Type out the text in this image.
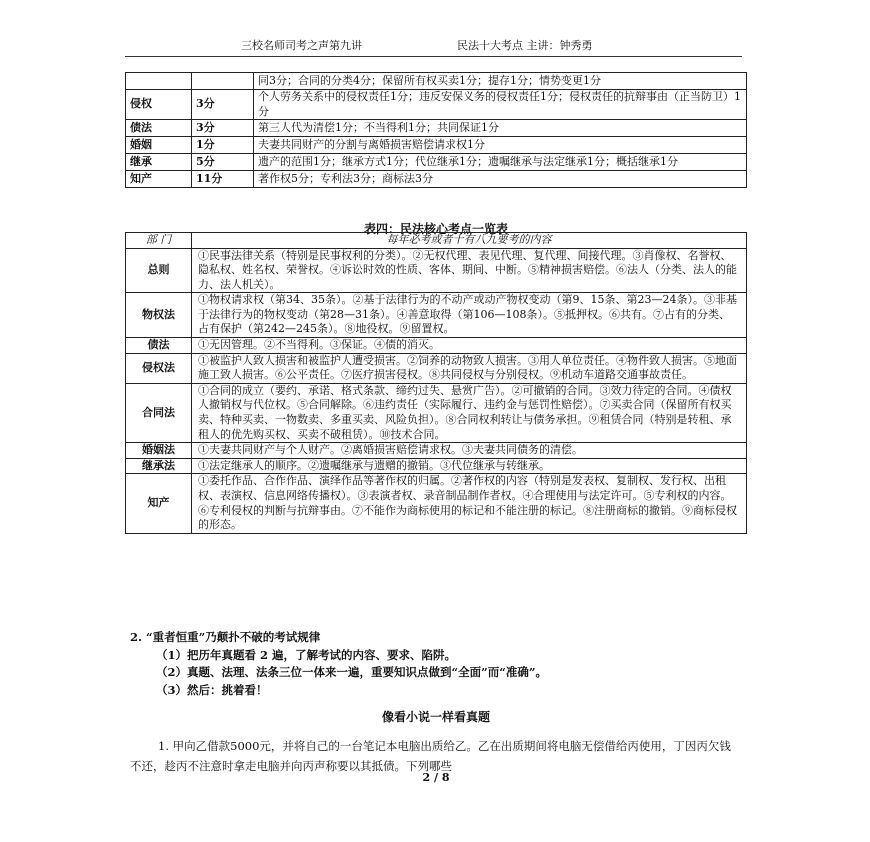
三校名师司考之声第九讲	民法十大考点 主讲：钟秀勇
		同3分；合同的分类4分；保留所有权买卖1分；提存1分；情势变更1分
侵权	3分	个人劳务关系中的侵权责任1分；违反安保义务的侵权责任1分；侵权责任的抗辩事由（正当防卫）1分
债法	3分	第三人代为清偿1分；不当得利1分；共同保证1分
婚姻	1分	夫妻共同财产的分割与离婚损害赔偿请求权1分
继承	5分	遗产的范围1分；继承方式1分；代位继承1分；遗嘱继承与法定继承1分；概括继承1分
知产	11分	著作权5分；专利法3分；商标法3分
表四：民法核心考点一览表
部 门	每年必考或者十有八九要考的内容
总则	①民事法律关系（特别是民事权利的分类）。②无权代理、表见代理、复代理、间接代理。③肖像权、名誉权、隐私权、姓名权、荣誉权。④诉讼时效的性质、客体、期间、中断。⑤精神损害赔偿。⑥法人（分类、法人的能力、法人机关）。
物权法	①物权请求权（第34、35条）。②基于法律行为的不动产或动产物权变动（第9、15条、第23—24条）。③非基于法律行为的物权变动（第28—31条）。④善意取得（第106—108条）。⑤抵押权。⑥共有。⑦占有的分类、占有保护（第242—245条）。⑧地役权。⑨留置权。
债法	①无因管理。②不当得利。③保证。④债的消灭。
侵权法	①被监护人致人损害和被监护人遭受损害。②饲养的动物致人损害。③用人单位责任。④物件致人损害。⑤地面施工致人损害。⑥公平责任。⑦医疗损害侵权。⑧共同侵权与分别侵权。⑨机动车道路交通事故责任。
合同法	①合同的成立（要约、承诺、格式条款、缔约过失、悬赏广告）。②可撤销的合同。③效力待定的合同。④债权人撤销权与代位权。⑤合同解除。⑥违约责任（实际履行、违约金与惩罚性赔偿）。⑦买卖合同（保留所有权买卖、特种买卖、一物数卖、多重买卖、风险负担）。⑧合同权利转让与债务承担。⑨租赁合同（特别是转租、承租人的优先购买权、买卖不破租赁）。⑩技术合同。
婚姻法	①夫妻共同财产与个人财产。②离婚损害赔偿请求权。③夫妻共同债务的清偿。
继承法	①法定继承人的顺序。②遗嘱继承与遗赠的撤销。③代位继承与转继承。
知产	①委托作品、合作作品、演绎作品等著作权的归属。②著作权的内容（特别是发表权、复制权、发行权、出租权、表演权、信息网络传播权）。③表演者权、录音制品制作者权。④合理使用与法定许可。⑤专利权的内容。⑥专利侵权的判断与抗辩事由。⑦不能作为商标使用的标记和不能注册的标记。⑧注册商标的撤销。⑨商标侵权的形态。
2. “重者恒重”乃颠扑不破的考试规律
（1）把历年真题看 2 遍，了解考试的内容、要求、陷阱。
（2）真题、法理、法条三位一体来一遍，重要知识点做到“全面”而“准确”。
（3）然后：挑着看！
像看小说一样看真题
1. 甲向乙借款5000元，并将自己的一台笔记本电脑出质给乙。乙在出质期间将电脑无偿借给丙使用，丁因丙欠钱不还，趁丙不注意时拿走电脑并向丙声称要以其抵债。下列哪些
2 / 8
